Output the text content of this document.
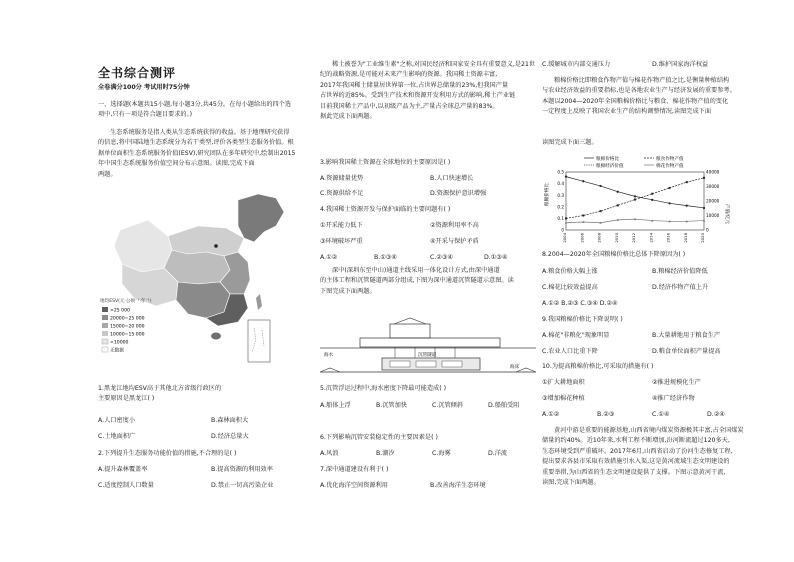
全书综合测评
全卷满分100分 考试用时75分钟
一、选择题(本题共15小题,每小题3分,共45分。在每小题给出的四个选
项中,只有一项是符合题目要求的。)
生态系统服务是指人类从生态系统获得的收益。基于地理研究获得
的信息,将中国陆地生态系统分为若干类型,评价各类型生态服务价值。根
据单位面积生态系统服务价值(ESV),研究团队在多年研究中,绘制出2015
年中国生态系统服务价值空间分布示意图。读图,完成下面
两题。
地均ESV(元·公顷⁻¹·年⁻¹)
>25 000
20000~25 000
15000~20 000
10000~15 000
<10000
无数据
1.黑龙江地均ESV高于其他北方省级行政区的
主要原因是黑龙江( )
A.人口密度小	B.森林面积大
C.土地面积广	D.经济总量大
2.下列提升生态服务功能价值的措施,不合理的是( )
A.提升森林覆盖率	B.提高资源的利用效率
C.适度控制人口数量	D.禁止一切高污染企业
稀土被誉为"工业维生素"之称,对国民经济和国家安全具有重要意义,是21世
纪的战略资源,是可能对未来产生影响的资源。我国稀土资源丰富,
2017年我国稀土储量居世界第一位,占世界总储量的23%,但我国产量
占世界的近85%。受到生产技术和资源开发利用方式的影响,稀土产业链
目前我国稀土产品中,以初级产品为主,产量占全球总产量的83%。
据此完成下面两题。
3.影响我国稀土资源在全球地位的主要原因是( )
A.资源储量优势	B.人口快速增长
C.资源供给不足	D.资源保护意识增强
4.我国稀土资源开发与保护面临的主要问题有( )
①开采能力低下	②资源利用率不高
③环境破坏严重	④开采与保护矛盾
A.①②	B.①③④	C.②③④	D.①③④
深中(深圳东至中山)通道主线采用一体化设计方式,由深中通道
的主体工程和沉管隧道两部分组成,下图为深中通道沉管隧道示意图。读
下图完成下面两题。
海水	沉管隧道
海床
5.沉管浮运过程中,海水密度下降最可能造成( )
A.船体上浮	B.沉管加快	C.沉管倾斜	D.船舶受阻
6.下列影响沉管安装稳定性的主要因素是( )
A.风浪	B.潮汐	C.海雾	D.洋流
7.深中通道建设有利于( )
A.优化海洋空间资源利用	B.改善海洋生态环境
C.缓解城市内部交通压力	D.维护国家海洋权益
粮棉价格比即粮食作物产值与棉花作物产值之比,是衡量种植结构
与农业经济效益的重要指标,也是各地农业生产与经济发展的重要参考。
本题以2004—2020年全国粮棉价格比与粮食、棉花作物产值的变化
一定程度上反映了我国农业生产的结构调整情况,读图完成下面
读图完成下面三题。
粮棉价格比	粮食作物产值
粮棉经济价值	棉花作物产值
粮棉价格比
产值/亿元
0.5
0.4
0.3
0.2
0.1
0
40000
30000
20000
10000
0
2004	2006	2008	2010	2012	2014	2016	2018	2020
8.2004—2020年全国粮棉价格比总体下降原因为( )
A.粮食价格大幅上涨	B.粮棉经济价值降低
C.棉花比较效益提高	D.经济作物产值上升
A.①② B.②③ C.③④ D.②④
9.我国粮棉价格比下降说明( )
A.棉花"非粮化"现象明显	B.大量耕地用于粮食生产
C.农业人口比重下降	D.粮食单位面积产量提高
10.为提高粮棉价格比,可采取的措施有( )
①扩大耕地面积	②推进规模化生产
③增加棉花种植	④推广经济作物
A.①②	B.②③	C.①④	D.②④
黄河中游是重要的能源基地,山西省境内煤炭资源极其丰富,占全国煤炭
储量的约40%。近10年来,水利工程不断增加,汾河断流超过120多天,
生态环境受到严重破坏。2017年6月,山西省启动了汾河生态修复工程,
提出要求各县市采取有效措施引水入渠,这是黄河流域生态文明建设的
重要举措,为山西省的生态文明建设提供了支撑。下图示意黄河干流,
读图,完成下面两题。
